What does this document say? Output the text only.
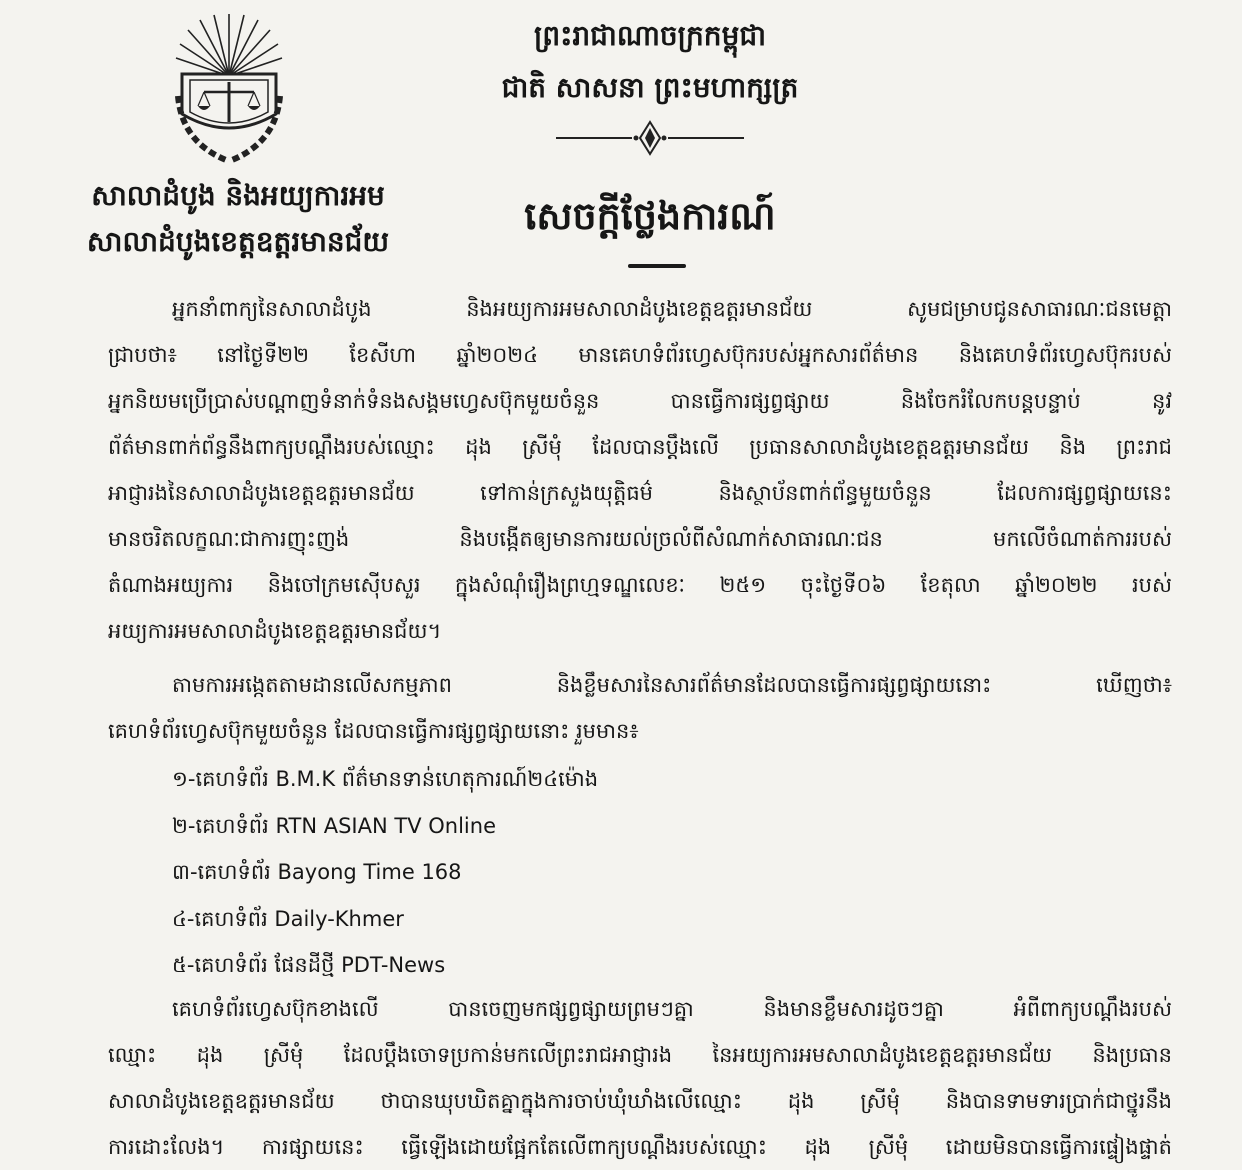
សាលាដំបូង និងអយ្យការអម
សាលាដំបូងខេត្តឧត្តរមានជ័យ
ព្រះរាជាណាចក្រកម្ពុជា
ជាតិ សាសនា ព្រះមហាក្សត្រ
សេចក្ដីថ្លែងការណ៍
អ្នកនាំពាក្យនៃសាលាដំបូង និងអយ្យការអមសាលាដំបូងខេត្តឧត្តរមានជ័យ សូមជម្រាបជូនសាធារណៈជនមេត្តា
ជ្រាបថា៖ នៅថ្ងៃទី២២ ខែសីហា ឆ្នាំ២០២៤ មានគេហទំព័រហ្វេសប៊ុករបស់អ្នកសារព័ត៌មាន និងគេហទំព័រហ្វេសប៊ុករបស់
អ្នកនិយមប្រើប្រាស់បណ្ដាញទំនាក់ទំនងសង្គមហ្វេសប៊ុកមួយចំនួន បានធ្វើការផ្សព្វផ្សាយ និងចែករំលែកបន្តបន្ទាប់ នូវ
ព័ត៌មានពាក់ព័ន្ធនឹងពាក្យបណ្ដឹងរបស់ឈ្មោះ ដុង ស្រីមុំ ដែលបានប្ដឹងលើ ប្រធានសាលាដំបូងខេត្តឧត្តរមានជ័យ និង ព្រះរាជ
អាជ្ញារងនៃសាលាដំបូងខេត្តឧត្តរមានជ័យ ទៅកាន់ក្រសួងយុត្តិធម៌ និងស្ថាប័នពាក់ព័ន្ធមួយចំនួន ដែលការផ្សព្វផ្សាយនេះ
មានចរិតលក្ខណៈជាការញុះញង់ និងបង្កើតឲ្យមានការយល់ច្រលំពីសំណាក់សាធារណៈជន មកលើចំណាត់ការរបស់
តំណាងអយ្យការ និងចៅក្រមស៊ើបសួរ ក្នុងសំណុំរឿងព្រហ្មទណ្ឌលេខៈ ២៥១ ចុះថ្ងៃទី០៦ ខែតុលា ឆ្នាំ២០២២ របស់
អយ្យការអមសាលាដំបូងខេត្តឧត្តរមានជ័យ។
តាមការអង្កេតតាមដានលើសកម្មភាព និងខ្លឹមសារនៃសារព័ត៌មានដែលបានធ្វើការផ្សព្វផ្សាយនោះ ឃើញថា៖
គេហទំព័រហ្វេសប៊ុកមួយចំនួន ដែលបានធ្វើការផ្សព្វផ្សាយនោះ រួមមាន៖
១-គេហទំព័រ B.M.K ព័ត៌មានទាន់ហេតុការណ៍២៤ម៉ោង
២-គេហទំព័រ RTN ASIAN TV Online
៣-គេហទំព័រ Bayong Time 168
៤-គេហទំព័រ Daily-Khmer
៥-គេហទំព័រ ផែនដីថ្មី PDT-News
គេហទំព័រហ្វេសប៊ុកខាងលើ បានចេញមកផ្សព្វផ្សាយព្រមៗគ្នា និងមានខ្លឹមសារដូចៗគ្នា អំពីពាក្យបណ្ដឹងរបស់
ឈ្មោះ ដុង ស្រីមុំ ដែលប្ដឹងចោទប្រកាន់មកលើព្រះរាជអាជ្ញារង នៃអយ្យការអមសាលាដំបូងខេត្តឧត្តរមានជ័យ និងប្រធាន
សាលាដំបូងខេត្តឧត្តរមានជ័យ ថាបានឃុបឃិតគ្នាក្នុងការចាប់ឃុំឃាំងលើឈ្មោះ ដុង ស្រីមុំ និងបានទាមទារប្រាក់ជាថ្នូរនឹង
ការដោះលែង។ ការផ្សាយនេះ ធ្វើឡើងដោយផ្អែកតែលើពាក្យបណ្ដឹងរបស់ឈ្មោះ ដុង ស្រីមុំ ដោយមិនបានធ្វើការផ្ទៀងផ្ទាត់
